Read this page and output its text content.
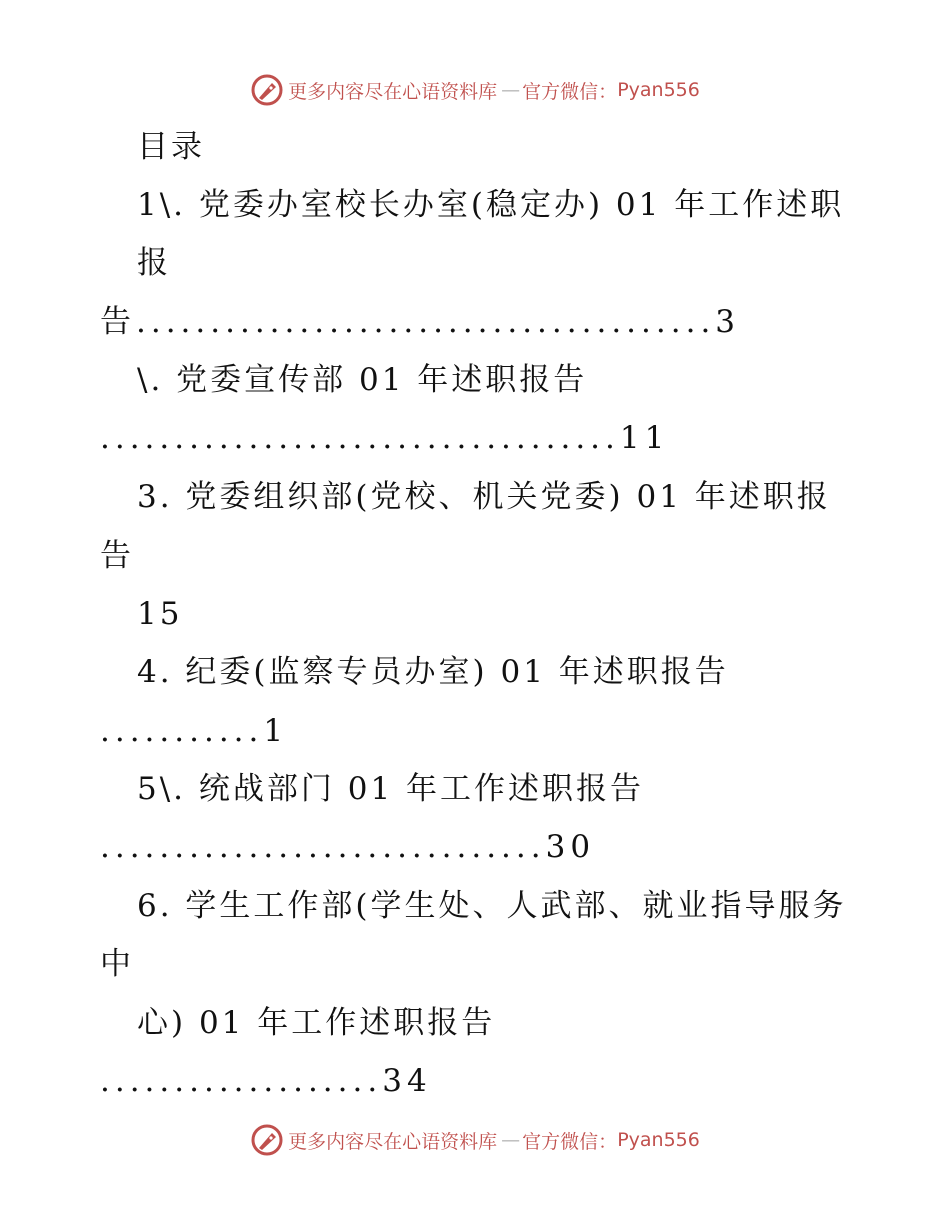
更多内容尽在心语资料库 — 官方微信： Pyan556
目录
1\. 党委办室校长办室(稳定办) 01 年工作述职
报
告.......................................3
\. 党委宣传部 01 年述职报告
...................................11
3. 党委组织部(党校、机关党委) 01 年述职报
告
15
4. 纪委(监察专员办室) 01 年述职报告
...........1
5\. 统战部门 01 年工作述职报告
..............................30
6. 学生工作部(学生处、人武部、就业指导服务
中
心) 01 年工作述职报告
...................34
更多内容尽在心语资料库 — 官方微信： Pyan556
